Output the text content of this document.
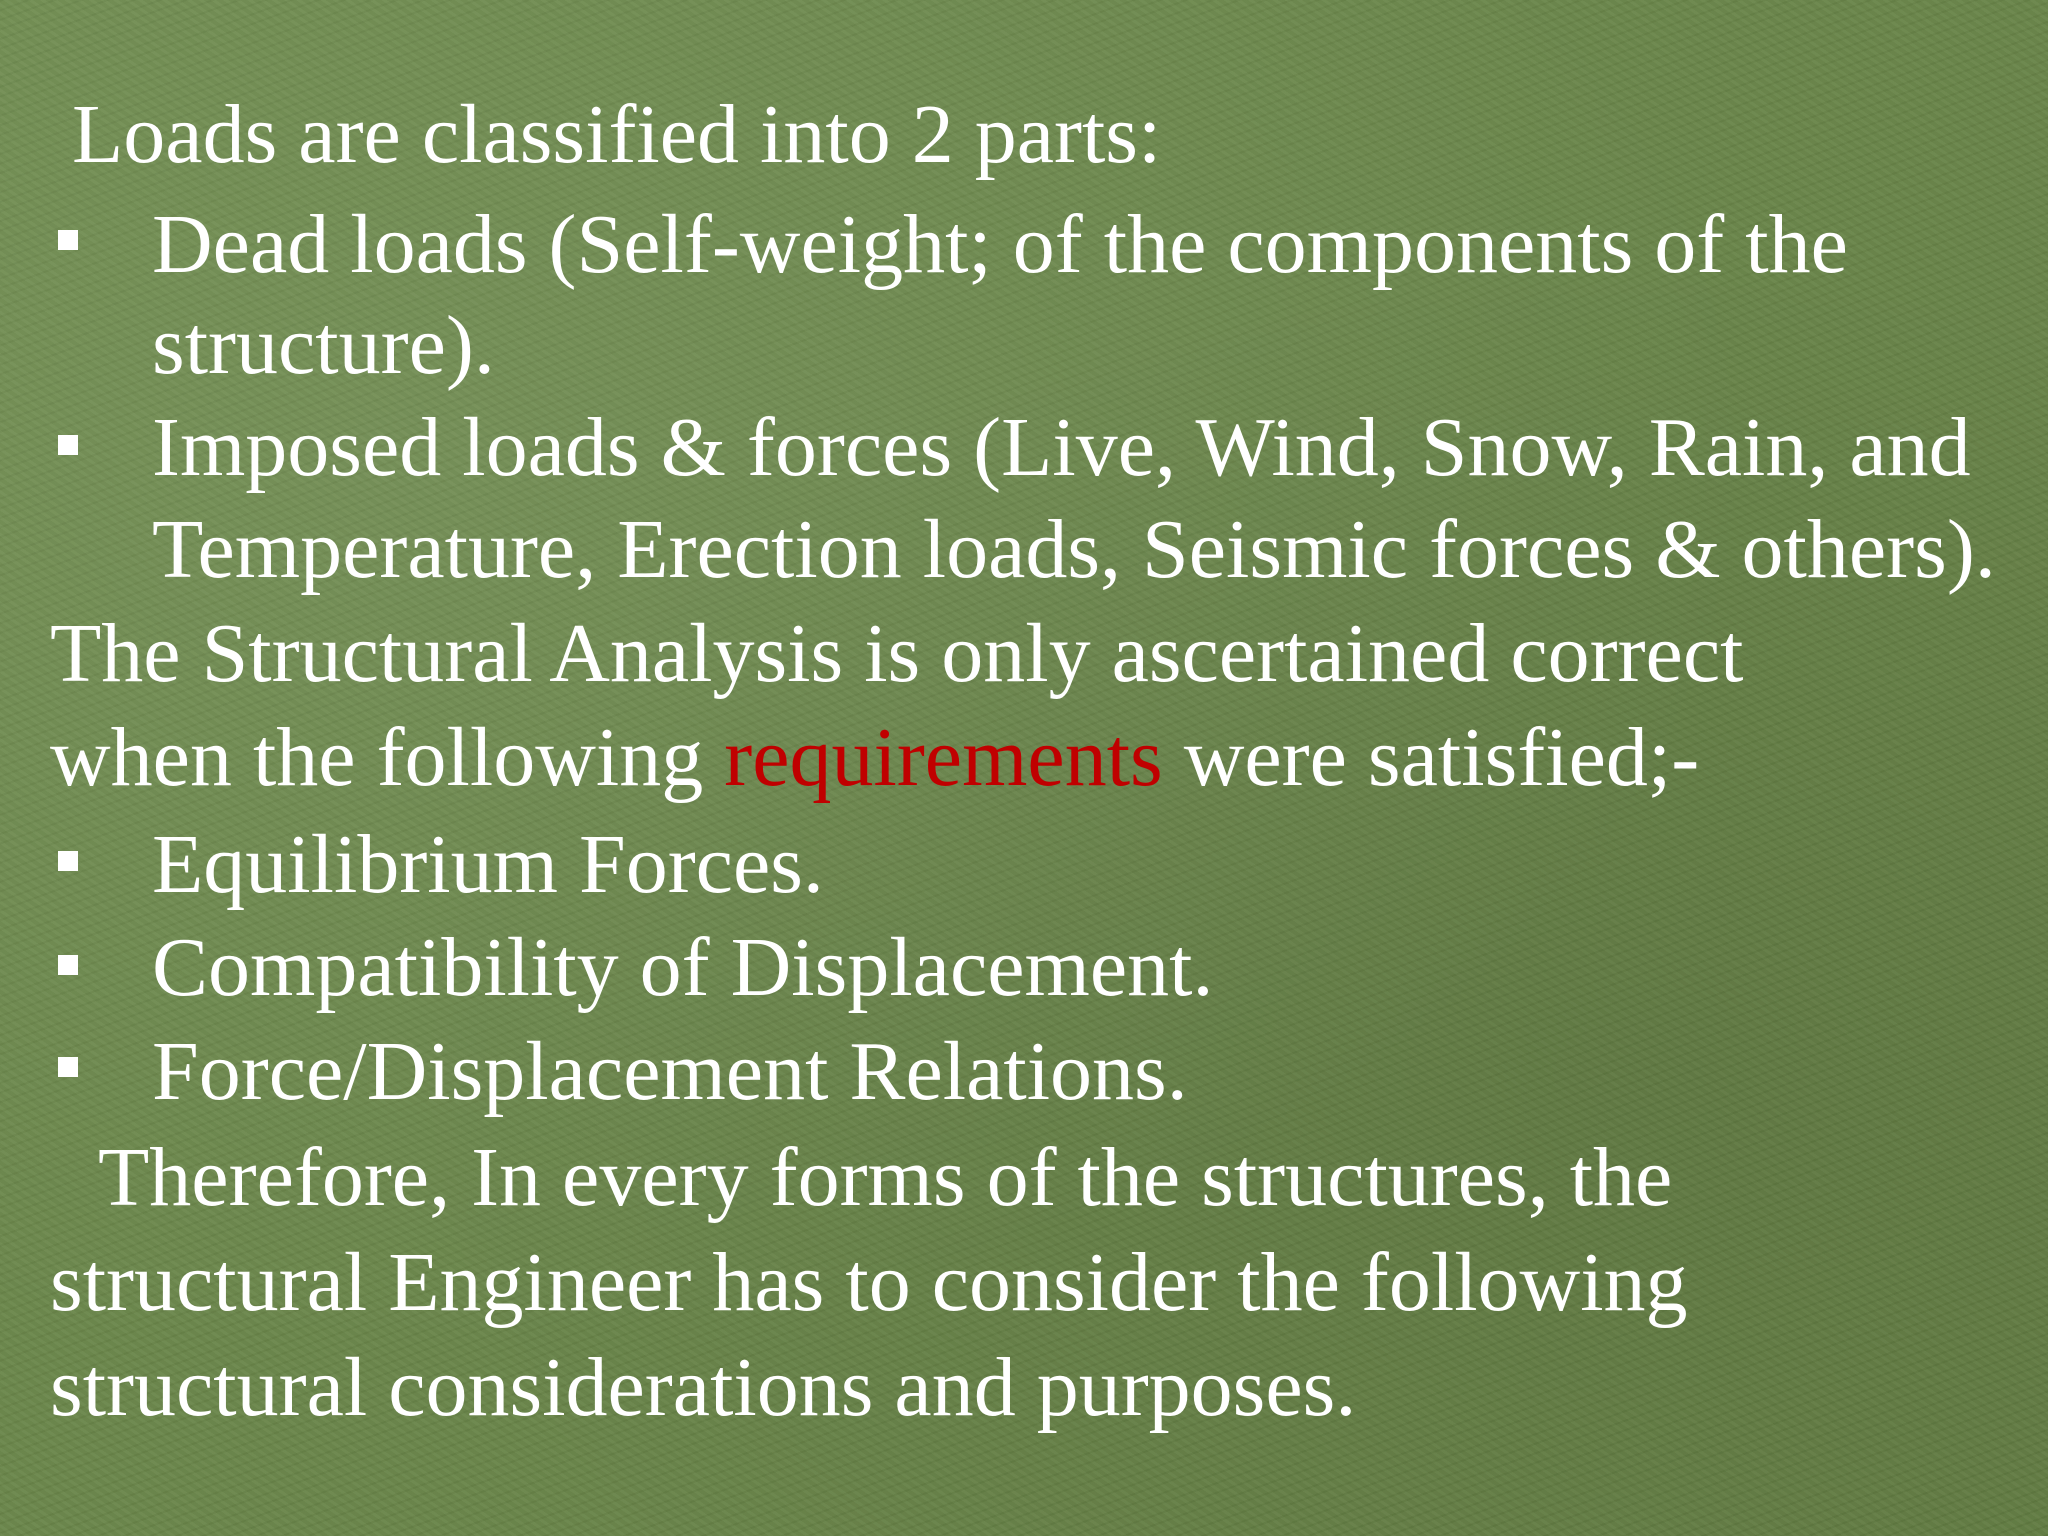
Loads are classified into 2 parts:
Dead loads (Self-weight; of the components of the
structure).
Imposed loads & forces (Live, Wind, Snow, Rain, and
Temperature, Erection loads, Seismic forces & others).
The Structural Analysis is only ascertained correct
when the following requirements were satisfied;-
Equilibrium Forces.
Compatibility of Displacement.
Force/Displacement Relations.
Therefore, In every forms of the structures, the
structural Engineer has to consider the following
structural considerations and purposes.
